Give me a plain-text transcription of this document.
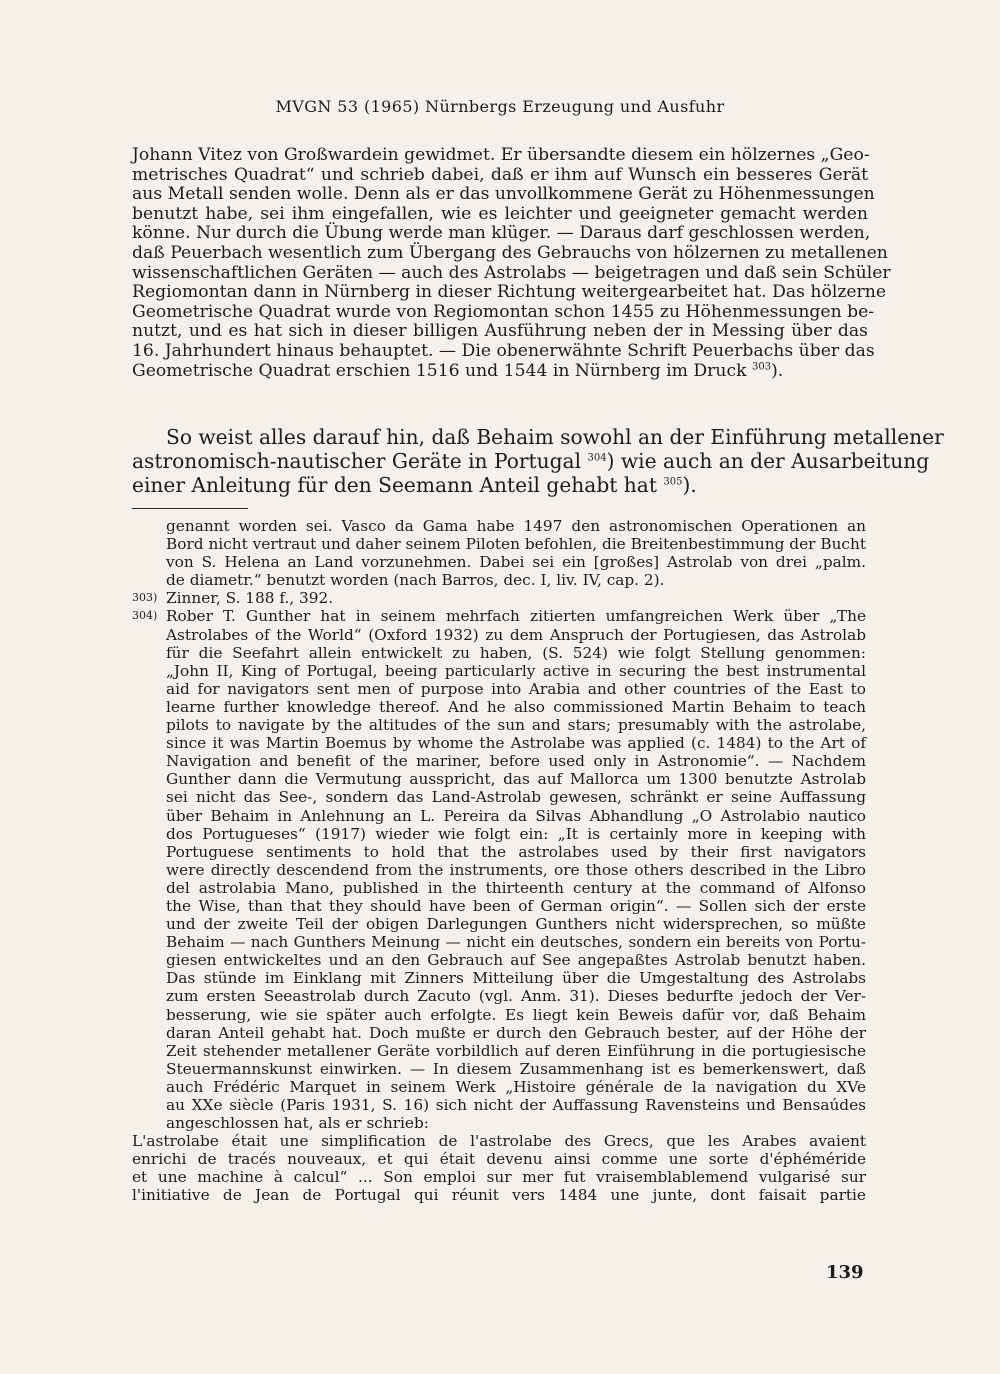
MVGN 53 (1965) Nürnbergs Erzeugung und Ausfuhr
Johann Vitez von Großwardein gewidmet. Er übersandte diesem ein hölzernes „Geo-
metrisches Quadrat“ und schrieb dabei, daß er ihm auf Wunsch ein besseres Gerät
aus Metall senden wolle. Denn als er das unvollkommene Gerät zu Höhenmessungen
benutzt habe, sei ihm eingefallen, wie es leichter und geeigneter gemacht werden
könne. Nur durch die Übung werde man klüger. — Daraus darf geschlossen werden,
daß Peuerbach wesentlich zum Übergang des Gebrauchs von hölzernen zu metallenen
wissenschaftlichen Geräten — auch des Astrolabs — beigetragen und daß sein Schüler
Regiomontan dann in Nürnberg in dieser Richtung weitergearbeitet hat. Das hölzerne
Geometrische Quadrat wurde von Regiomontan schon 1455 zu Höhenmessungen be-
nutzt, und es hat sich in dieser billigen Ausführung neben der in Messing über das
16. Jahrhundert hinaus behauptet. — Die obenerwähnte Schrift Peuerbachs über das
Geometrische Quadrat erschien 1516 und 1544 in Nürnberg im Druck $^{303}$).
So weist alles darauf hin, daß Behaim sowohl an der Einführung metallener
astronomisch-nautischer Geräte in Portugal $^{304}$) wie auch an der Ausarbeitung
einer Anleitung für den Seemann Anteil gehabt hat $^{305}$).
genannt worden sei. Vasco da Gama habe 1497 den astronomischen Operationen an
Bord nicht vertraut und daher seinem Piloten befohlen, die Breitenbestimmung der Bucht
von S. Helena an Land vorzunehmen. Dabei sei ein [großes] Astrolab von drei „palm.
de diametr.“ benutzt worden (nach Barros, dec. I, liv. IV, cap. 2).
303) Zinner, S. 188 f., 392.
304) Rober T. Gunther hat in seinem mehrfach zitierten umfangreichen Werk über „The
Astrolabes of the World“ (Oxford 1932) zu dem Anspruch der Portugiesen, das Astrolab
für die Seefahrt allein entwickelt zu haben, (S. 524) wie folgt Stellung genommen:
„John II, King of Portugal, beeing particularly active in securing the best instrumental
aid for navigators sent men of purpose into Arabia and other countries of the East to
learne further knowledge thereof. And he also commissioned Martin Behaim to teach
pilots to navigate by the altitudes of the sun and stars; presumably with the astrolabe,
since it was Martin Boemus by whome the Astrolabe was applied (c. 1484) to the Art of
Navigation and benefit of the mariner, before used only in Astronomie“. — Nachdem
Gunther dann die Vermutung ausspricht, das auf Mallorca um 1300 benutzte Astrolab
sei nicht das See-, sondern das Land-Astrolab gewesen, schränkt er seine Auffassung
über Behaim in Anlehnung an L. Pereira da Silvas Abhandlung „O Astrolabio nautico
dos Portugueses“ (1917) wieder wie folgt ein: „It is certainly more in keeping with
Portuguese sentiments to hold that the astrolabes used by their first navigators
were directly descendend from the instruments, ore those others described in the Libro
del astrolabia Mano, published in the thirteenth century at the command of Alfonso
the Wise, than that they should have been of German origin“. — Sollen sich der erste
und der zweite Teil der obigen Darlegungen Gunthers nicht widersprechen, so müßte
Behaim — nach Gunthers Meinung — nicht ein deutsches, sondern ein bereits von Portu-
giesen entwickeltes und an den Gebrauch auf See angepaßtes Astrolab benutzt haben.
Das stünde im Einklang mit Zinners Mitteilung über die Umgestaltung des Astrolabs
zum ersten Seeastrolab durch Zacuto (vgl. Anm. 31). Dieses bedurfte jedoch der Ver-
besserung, wie sie später auch erfolgte. Es liegt kein Beweis dafür vor, daß Behaim
daran Anteil gehabt hat. Doch mußte er durch den Gebrauch bester, auf der Höhe der
Zeit stehender metallener Geräte vorbildlich auf deren Einführung in die portugiesische
Steuermannskunst einwirken. — In diesem Zusammenhang ist es bemerkenswert, daß
auch Frédéric Marquet in seinem Werk „Histoire générale de la navigation du XVe
au XXe siècle (Paris 1931, S. 16) sich nicht der Auffassung Ravensteins und Bensaúdes
angeschlossen hat, als er schrieb:
L'astrolabe était une simplification de l'astrolabe des Grecs, que les Arabes avaient
enrichi de tracés nouveaux, et qui était devenu ainsi comme une sorte d'éphéméride
et une machine à calcul“ ... Son emploi sur mer fut vraisemblablemend vulgarisé sur
l'initiative de Jean de Portugal qui réunit vers 1484 une junte, dont faisait partie
139
